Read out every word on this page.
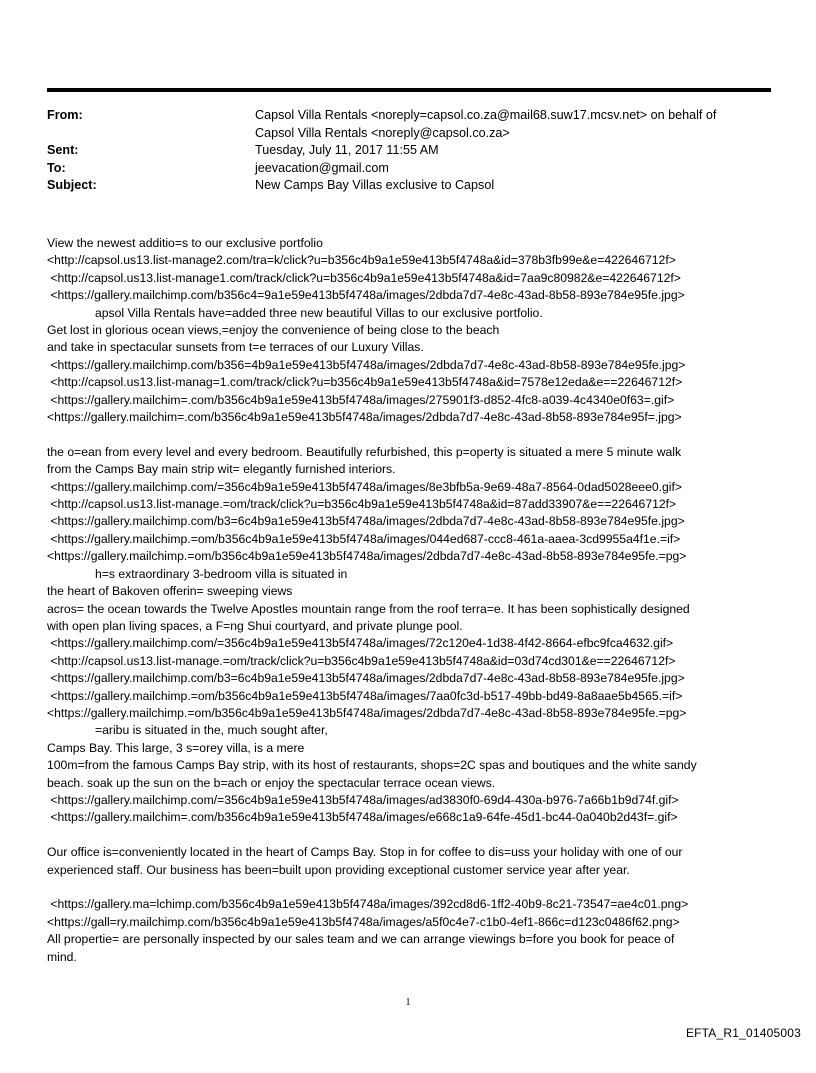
From:	Capsol Villa Rentals <noreply=capsol.co.za@mail68.suw17.mcsv.net> on behalf of
Capsol Villa Rentals <noreply@capsol.co.za>
Sent:	Tuesday, July 11, 2017 11:55 AM
To:	jeevacation@gmail.com
Subject:	New Camps Bay Villas exclusive to Capsol
View the newest additio=s to our exclusive portfolio
<http://capsol.us13.list-manage2.com/tra=k/click?u=b356c4b9a1e59e413b5f4748a&id=378b3fb99e&e=422646712f>
<http://capsol.us13.list-manage1.com/track/click?u=b356c4b9a1e59e413b5f4748a&id=7aa9c80982&e=422646712f>
<https://gallery.mailchimp.com/b356c4=9a1e59e413b5f4748a/images/2dbda7d7-4e8c-43ad-8b58-893e784e95fe.jpg>
apsol Villa Rentals have=added three new beautiful Villas to our exclusive portfolio.
Get lost in glorious ocean views,=enjoy the convenience of being close to the beach
and take in spectacular sunsets from t=e terraces of our Luxury Villas.
<https://gallery.mailchimp.com/b356=4b9a1e59e413b5f4748a/images/2dbda7d7-4e8c-43ad-8b58-893e784e95fe.jpg>
<http://capsol.us13.list-manag=1.com/track/click?u=b356c4b9a1e59e413b5f4748a&id=7578e12eda&e==22646712f>
<https://gallery.mailchim=.com/b356c4b9a1e59e413b5f4748a/images/275901f3-d852-4fc8-a039-4c4340e0f63=.gif>
<https://gallery.mailchim=.com/b356c4b9a1e59e413b5f4748a/images/2dbda7d7-4e8c-43ad-8b58-893e784e95f=.jpg>
the o=ean from every level and every bedroom. Beautifully refurbished, this p=operty is situated a mere 5 minute walk
from the Camps Bay main strip wit= elegantly furnished interiors.
<https://gallery.mailchimp.com/=356c4b9a1e59e413b5f4748a/images/8e3bfb5a-9e69-48a7-8564-0dad5028eee0.gif>
<http://capsol.us13.list-manage.=om/track/click?u=b356c4b9a1e59e413b5f4748a&id=87add33907&e==22646712f>
<https://gallery.mailchimp.com/b3=6c4b9a1e59e413b5f4748a/images/2dbda7d7-4e8c-43ad-8b58-893e784e95fe.jpg>
<https://gallery.mailchimp.=om/b356c4b9a1e59e413b5f4748a/images/044ed687-ccc8-461a-aaea-3cd9955a4f1e.=if>
<https://gallery.mailchimp.=om/b356c4b9a1e59e413b5f4748a/images/2dbda7d7-4e8c-43ad-8b58-893e784e95fe.=pg>
h=s extraordinary 3-bedroom villa is situated in
the heart of Bakoven offerin= sweeping views
acros= the ocean towards the Twelve Apostles mountain range from the roof terra=e. It has been sophistically designed
with open plan living spaces, a F=ng Shui courtyard, and private plunge pool.
<https://gallery.mailchimp.com/=356c4b9a1e59e413b5f4748a/images/72c120e4-1d38-4f42-8664-efbc9fca4632.gif>
<http://capsol.us13.list-manage.=om/track/click?u=b356c4b9a1e59e413b5f4748a&id=03d74cd301&e==22646712f>
<https://gallery.mailchimp.com/b3=6c4b9a1e59e413b5f4748a/images/2dbda7d7-4e8c-43ad-8b58-893e784e95fe.jpg>
<https://gallery.mailchimp.=om/b356c4b9a1e59e413b5f4748a/images/7aa0fc3d-b517-49bb-bd49-8a8aae5b4565.=if>
<https://gallery.mailchimp.=om/b356c4b9a1e59e413b5f4748a/images/2dbda7d7-4e8c-43ad-8b58-893e784e95fe.=pg>
=aribu is situated in the, much sought after,
Camps Bay. This large, 3 s=orey villa, is a mere
100m=from the famous Camps Bay strip, with its host of restaurants, shops=2C spas and boutiques and the white sandy
beach. soak up the sun on the b=ach or enjoy the spectacular terrace ocean views.
<https://gallery.mailchimp.com/=356c4b9a1e59e413b5f4748a/images/ad3830f0-69d4-430a-b976-7a66b1b9d74f.gif>
<https://gallery.mailchim=.com/b356c4b9a1e59e413b5f4748a/images/e668c1a9-64fe-45d1-bc44-0a040b2d43f=.gif>
Our office is=conveniently located in the heart of Camps Bay. Stop in for coffee to dis=uss your holiday with one of our
experienced staff. Our business has been=built upon providing exceptional customer service year after year.
<https://gallery.ma=lchimp.com/b356c4b9a1e59e413b5f4748a/images/392cd8d6-1ff2-40b9-8c21-73547=ae4c01.png>
<https://gall=ry.mailchimp.com/b356c4b9a1e59e413b5f4748a/images/a5f0c4e7-c1b0-4ef1-866c=d123c0486f62.png>
All propertie= are personally inspected by our sales team and we can arrange viewings b=fore you book for peace of
mind.
1
EFTA_R1_01405003
